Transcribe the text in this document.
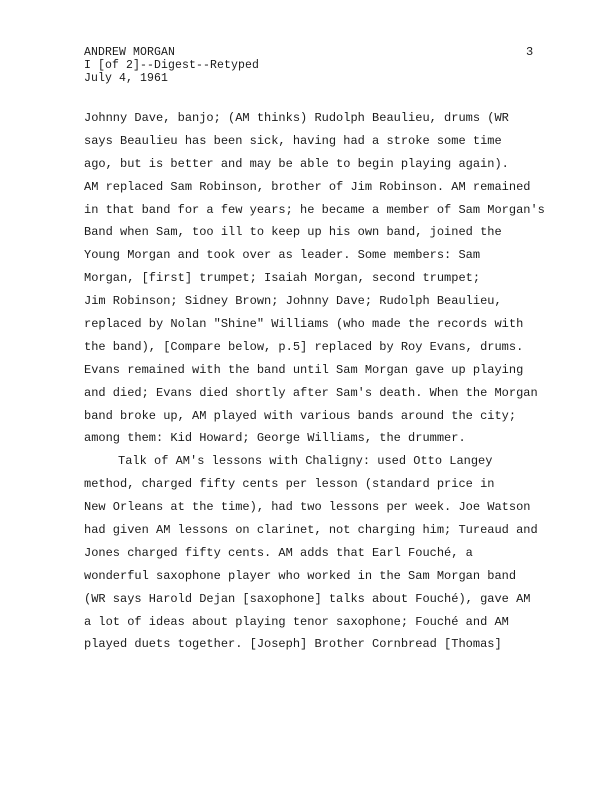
ANDREW MORGAN
I [of 2]--Digest--Retyped
July 4, 1961
3
Johnny Dave, banjo; (AM thinks) Rudolph Beaulieu, drums (WR
says Beaulieu has been sick, having had a stroke some time
ago, but is better and may be able to begin playing again).
AM replaced Sam Robinson, brother of Jim Robinson. AM remained
in that band for a few years; he became a member of Sam Morgan's
Band when Sam, too ill to keep up his own band, joined the
Young Morgan and took over as leader. Some members: Sam
Morgan, [first] trumpet; Isaiah Morgan, second trumpet;
Jim Robinson; Sidney Brown; Johnny Dave; Rudolph Beaulieu,
replaced by Nolan "Shine" Williams (who made the records with
the band), [Compare below, p.5] replaced by Roy Evans, drums.
Evans remained with the band until Sam Morgan gave up playing
and died; Evans died shortly after Sam's death. When the Morgan
band broke up, AM played with various bands around the city;
among them: Kid Howard; George Williams, the drummer.
Talk of AM's lessons with Chaligny: used Otto Langey
method, charged fifty cents per lesson (standard price in
New Orleans at the time), had two lessons per week. Joe Watson
had given AM lessons on clarinet, not charging him; Tureaud and
Jones charged fifty cents. AM adds that Earl Fouché, a
wonderful saxophone player who worked in the Sam Morgan band
(WR says Harold Dejan [saxophone] talks about Fouché), gave AM
a lot of ideas about playing tenor saxophone; Fouché and AM
played duets together. [Joseph] Brother Cornbread [Thomas]
